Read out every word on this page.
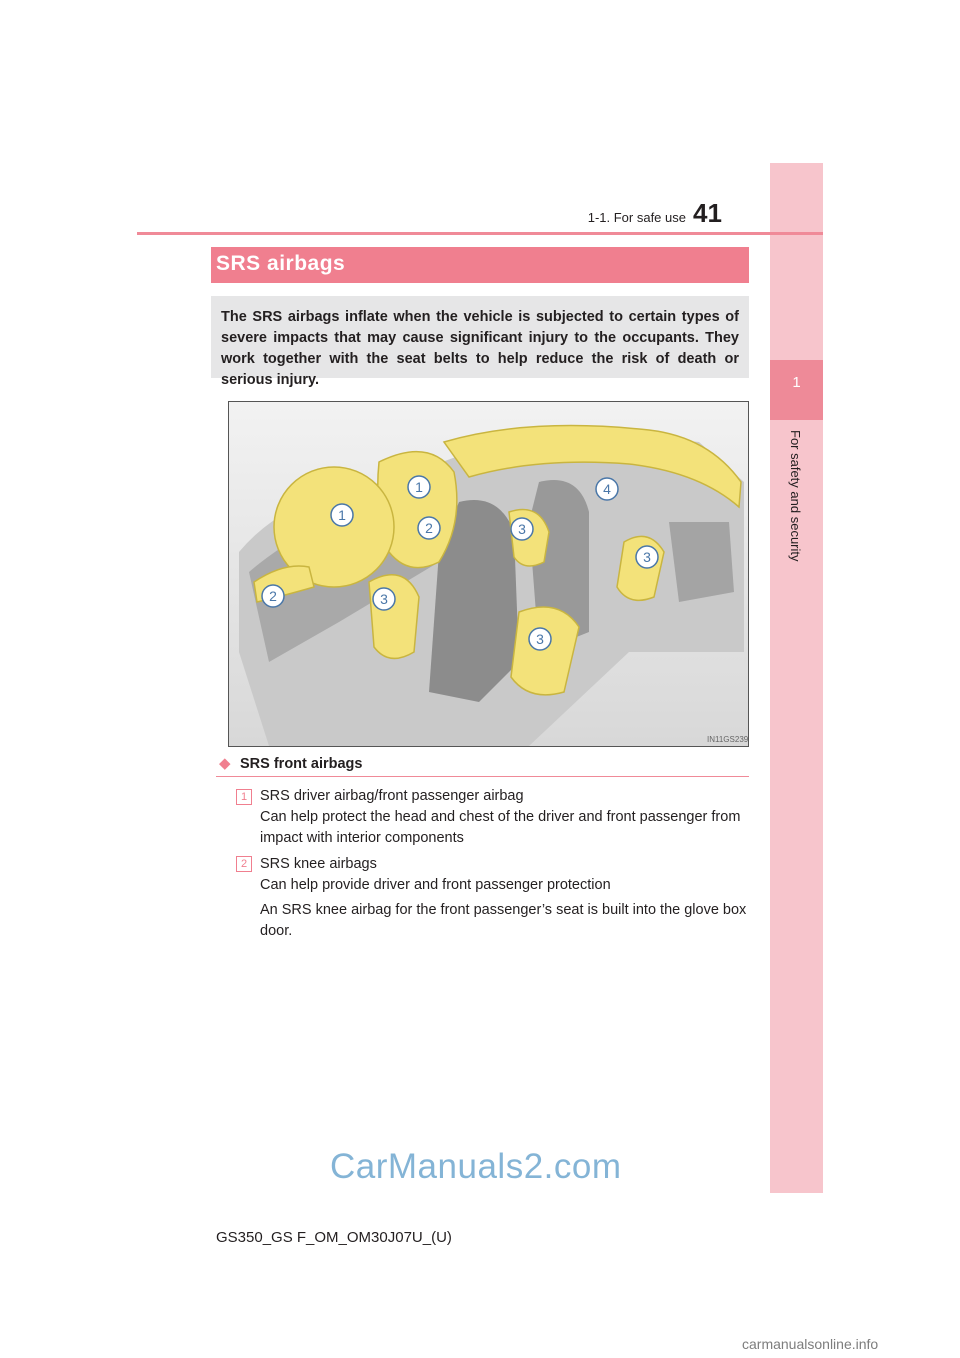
1
For safety and security
1-1. For safe use 41
SRS airbags
The SRS airbags inflate when the vehicle is subjected to certain types of severe impacts that may cause significant injury to the occupants. They work together with the seat belts to help reduce the risk of death or serious injury.
1
1
2
2
3
3
3
3
4
IN11GS239
◆ SRS front airbags
1 SRS driver airbag/front passenger airbag
Can help protect the head and chest of the driver and front passenger from impact with interior components
2 SRS knee airbags
Can help provide driver and front passenger protection
An SRS knee airbag for the front passenger’s seat is built into the glove box door.
CarManuals2.com
GS350_GS F_OM_OM30J07U_(U)
carmanualsonline.info
